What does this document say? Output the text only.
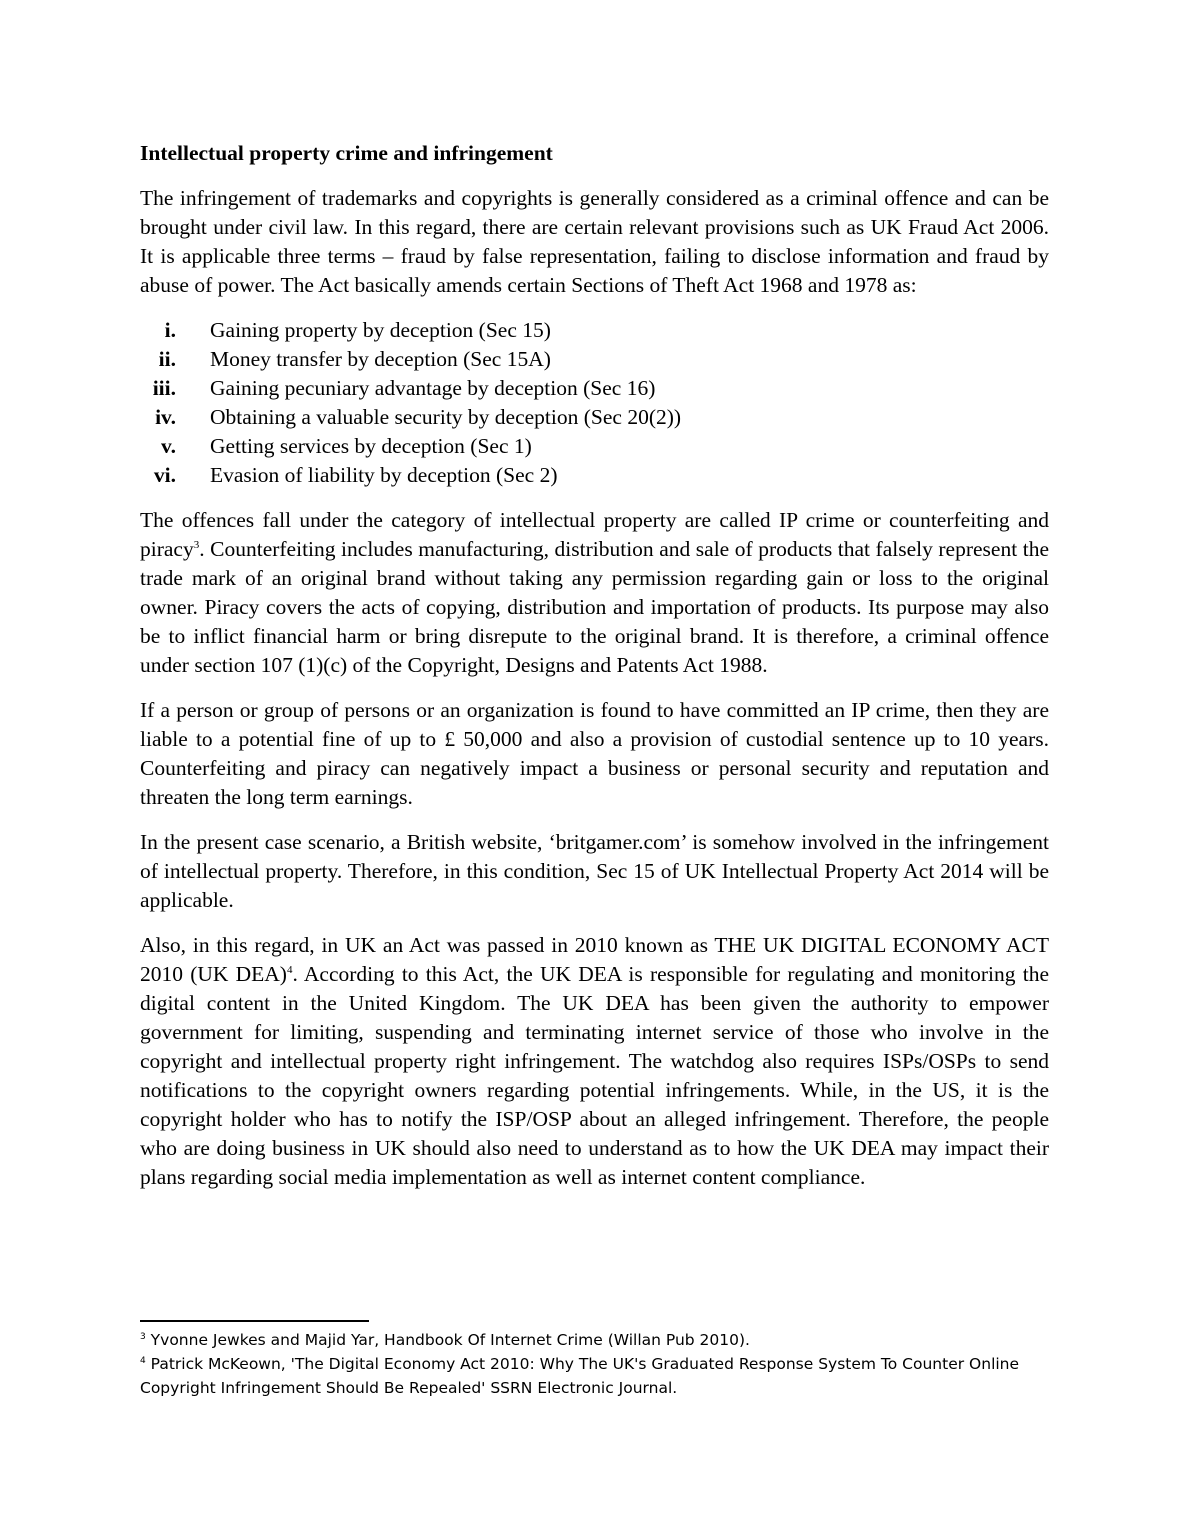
Intellectual property crime and infringement

The infringement of trademarks and copyrights is generally considered as a criminal offence and can be brought under civil law. In this regard, there are certain relevant provisions such as UK Fraud Act 2006. It is applicable three terms – fraud by false representation, failing to disclose information and fraud by abuse of power. The Act basically amends certain Sections of Theft Act 1968 and 1978 as:

i. Gaining property by deception (Sec 15)
ii. Money transfer by deception (Sec 15A)
iii. Gaining pecuniary advantage by deception (Sec 16)
iv. Obtaining a valuable security by deception (Sec 20(2))
v. Getting services by deception (Sec 1)
vi. Evasion of liability by deception (Sec 2)

The offences fall under the category of intellectual property are called IP crime or counterfeiting and piracy$^3$. Counterfeiting includes manufacturing, distribution and sale of products that falsely represent the trade mark of an original brand without taking any permission regarding gain or loss to the original owner. Piracy covers the acts of copying, distribution and importation of products. Its purpose may also be to inflict financial harm or bring disrepute to the original brand. It is therefore, a criminal offence under section 107 (1)(c) of the Copyright, Designs and Patents Act 1988.

If a person or group of persons or an organization is found to have committed an IP crime, then they are liable to a potential fine of up to £ 50,000 and also a provision of custodial sentence up to 10 years. Counterfeiting and piracy can negatively impact a business or personal security and reputation and threaten the long term earnings.

In the present case scenario, a British website, ‘britgamer.com’ is somehow involved in the infringement of intellectual property. Therefore, in this condition, Sec 15 of UK Intellectual Property Act 2014 will be applicable.

Also, in this regard, in UK an Act was passed in 2010 known as THE UK DIGITAL ECONOMY ACT 2010 (UK DEA)$^4$. According to this Act, the UK DEA is responsible for regulating and monitoring the digital content in the United Kingdom. The UK DEA has been given the authority to empower government for limiting, suspending and terminating internet service of those who involve in the copyright and intellectual property right infringement. The watchdog also requires ISPs/OSPs to send notifications to the copyright owners regarding potential infringements. While, in the US, it is the copyright holder who has to notify the ISP/OSP about an alleged infringement. Therefore, the people who are doing business in UK should also need to understand as to how the UK DEA may impact their plans regarding social media implementation as well as internet content compliance.

$^3$ Yvonne Jewkes and Majid Yar, Handbook Of Internet Crime (Willan Pub 2010).

$^4$ Patrick McKeown, 'The Digital Economy Act 2010: Why The UK's Graduated Response System To Counter Online Copyright Infringement Should Be Repealed' SSRN Electronic Journal.
